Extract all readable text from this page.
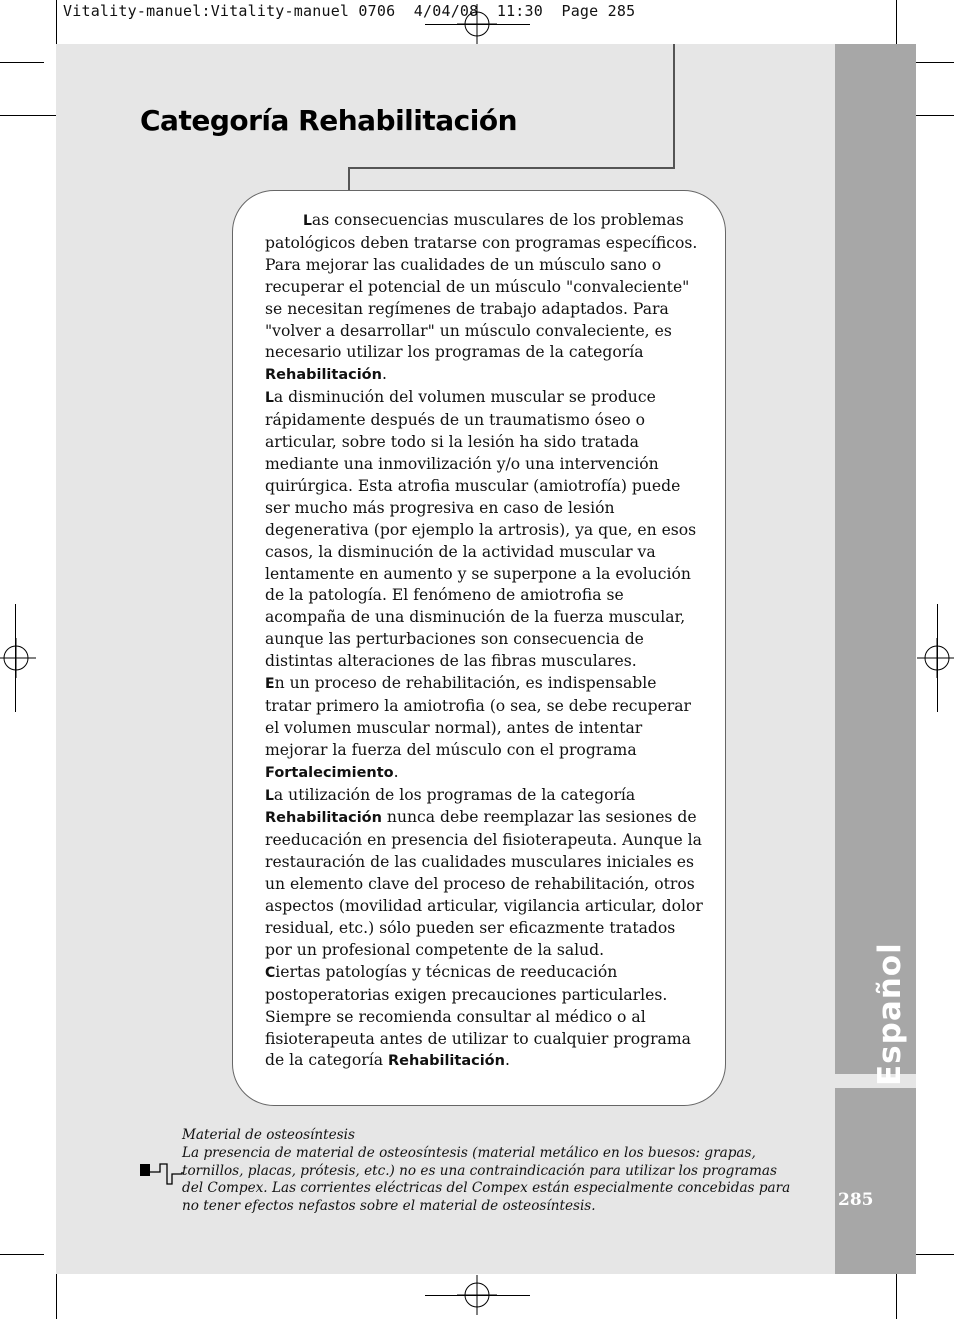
Vitality-manuel:Vitality-manuel 0706  4/04/08  11:30  Page 285
Español
285
Categoría Rehabilitación

Las consecuencias musculares de los problemas patológicos deben tratarse con programas específicos. Para mejorar las cualidades de un músculo sano o recuperar el potencial de un músculo "convaleciente" se necesitan regímenes de trabajo adaptados. Para "volver a desarrollar" un músculo convaleciente, es necesario utilizar los programas de la categoría Rehabilitación.

La disminución del volumen muscular se produce rápidamente después de un traumatismo óseo o articular, sobre todo si la lesión ha sido tratada mediante una inmovilización y/o una intervención quirúrgica. Esta atrofia muscular (amiotrofía) puede ser mucho más progresiva en caso de lesión degenerativa (por ejemplo la artrosis), ya que, en esos casos, la disminución de la actividad muscular va lentamente en aumento y se superpone a la evolución de la patología. El fenómeno de amiotrofia se acompaña de una disminución de la fuerza muscular, aunque las perturbaciones son consecuencia de distintas alteraciones de las fibras musculares.

En un proceso de rehabilitación, es indispensable tratar primero la amiotrofia (o sea, se debe recuperar el volumen muscular normal), antes de intentar mejorar la fuerza del músculo con el programa Fortalecimiento.

La utilización de los programas de la categoría Rehabilitación nunca debe reemplazar las sesiones de reeducación en presencia del fisioterapeuta. Aunque la restauración de las cualidades musculares iniciales es un elemento clave del proceso de rehabilitación, otros aspectos (movilidad articular, vigilancia articular, dolor residual, etc.) sólo pueden ser eficazmente tratados por un profesional competente de la salud.

Ciertas patologías y técnicas de reeducación postoperatorias exigen precauciones particularles. Siempre se recomienda consultar al médico o al fisioterapeuta antes de utilizar to cualquier programa de la categoría Rehabilitación.

Material de osteosíntesis

La presencia de material de osteosíntesis (material metálico en los buesos: grapas, tornillos, placas, prótesis, etc.) no es una contraindicación para utilizar los programas del Compex. Las corrientes eléctricas del Compex están especialmente concebidas para no tener efectos nefastos sobre el material de osteosíntesis.
